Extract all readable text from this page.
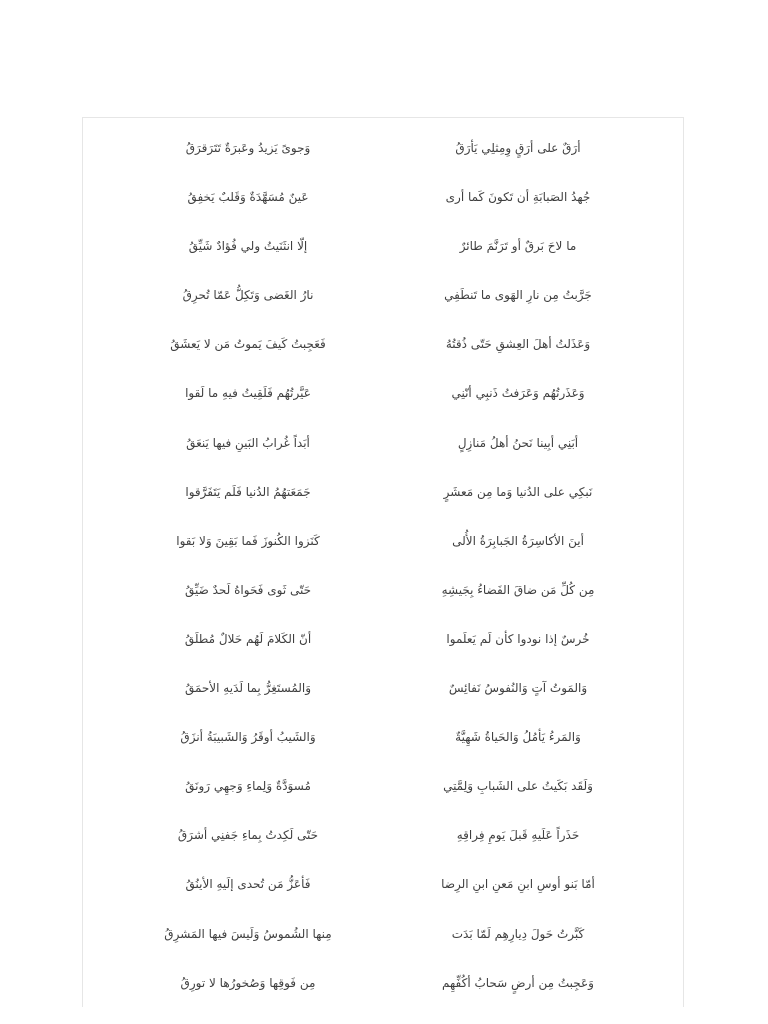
أرَقٌ على أرَقٍ وِمِثلِي يَأرَقُ
وَجوىً يَزيدُ وعَبرَةٌ تَتَرَقرَقُ
جُهدُ الصَبابَةِ أن تَكونَ كَما أرى
عَينٌ مُسَهَّدَةٌ وَقَلبٌ يَخفِقُ
ما لاحَ بَرقٌ أو تَرَنَّمَ طائرٌ
إلّا انثَنَيتُ ولي فُؤادٌ شَيِّقُ
جَرَّبتُ مِن نارِ الهَوى ما تَنطَفِي
نارُ الغَضى وَتَكِلُّ عَمّا تُحرِقُ
وَعَذَلتُ أهلَ العِشقِ حَتّى ذُقتُهُ
فَعَجِبتُ كَيفَ يَموتُ مَن لا يَعشَقُ
وَعَذَرتُهُم وَعَرَفتُ ذَنبِي أنّنِي
عَيَّرتُهُم فَلَقِيتُ فيهِ ما لَقوا
أبَنِي أبِينا نَحنُ أهلُ مَنازِلٍ
أبَداً غُرابُ البَينِ فيها يَنعَقُ
نَبكِي على الدُنيا وَما مِن مَعشَرٍ
جَمَعَتهُمُ الدُنيا فَلَم يَتَفَرَّقوا
أينَ الأكاسِرَةُ الجَبابِرَةُ الأُلى
كَنَزوا الكُنوزَ فَما بَقِينَ وَلا بَقوا
مِن كُلِّ مَن ضاقَ الفَضاءُ بِجَيشِهِ
حَتّى ثَوى فَحَواهُ لَحدٌ ضَيِّقُ
خُرسٌ إذا نودوا كأن لَم يَعلَموا
أنّ الكَلامَ لَهُم حَلالٌ مُطلَقُ
وَالمَوتُ آتٍ وَالنُفوسُ نَفائِسٌ
وَالمُستَغِرُّ بِما لَدَيهِ الأحمَقُ
وَالمَرءُ يَأمُلُ وَالحَياةُ شَهِيَّةٌ
وَالشَيبُ أوقَرُ وَالشَبيبَةُ أنزَقُ
وَلَقَد بَكَيتُ على الشَبابِ وَلِمَّتِي
مُسوَدَّةٌ وَلِماءِ وَجهِي رَونَقُ
حَذَراً عَلَيهِ قَبلَ يَومِ فِراقِهِ
حَتّى لَكِدتُ بِماءِ جَفنِي أشرَقُ
أمّا بَنو أوسِ ابنِ مَعنِ ابنِ الرِضا
فَأعَزُّ مَن تُحدى إلَيهِ الأينُقُ
كَبَّرتُ حَولَ دِيارِهِم لَمّا بَدَت
مِنها الشُموسُ وَلَيسَ فيها المَشرِقُ
وَعَجِبتُ مِن أرضٍ سَحابُ أكُفِّهِم
مِن فَوقِها وَصُخورُها لا تورِقُ
